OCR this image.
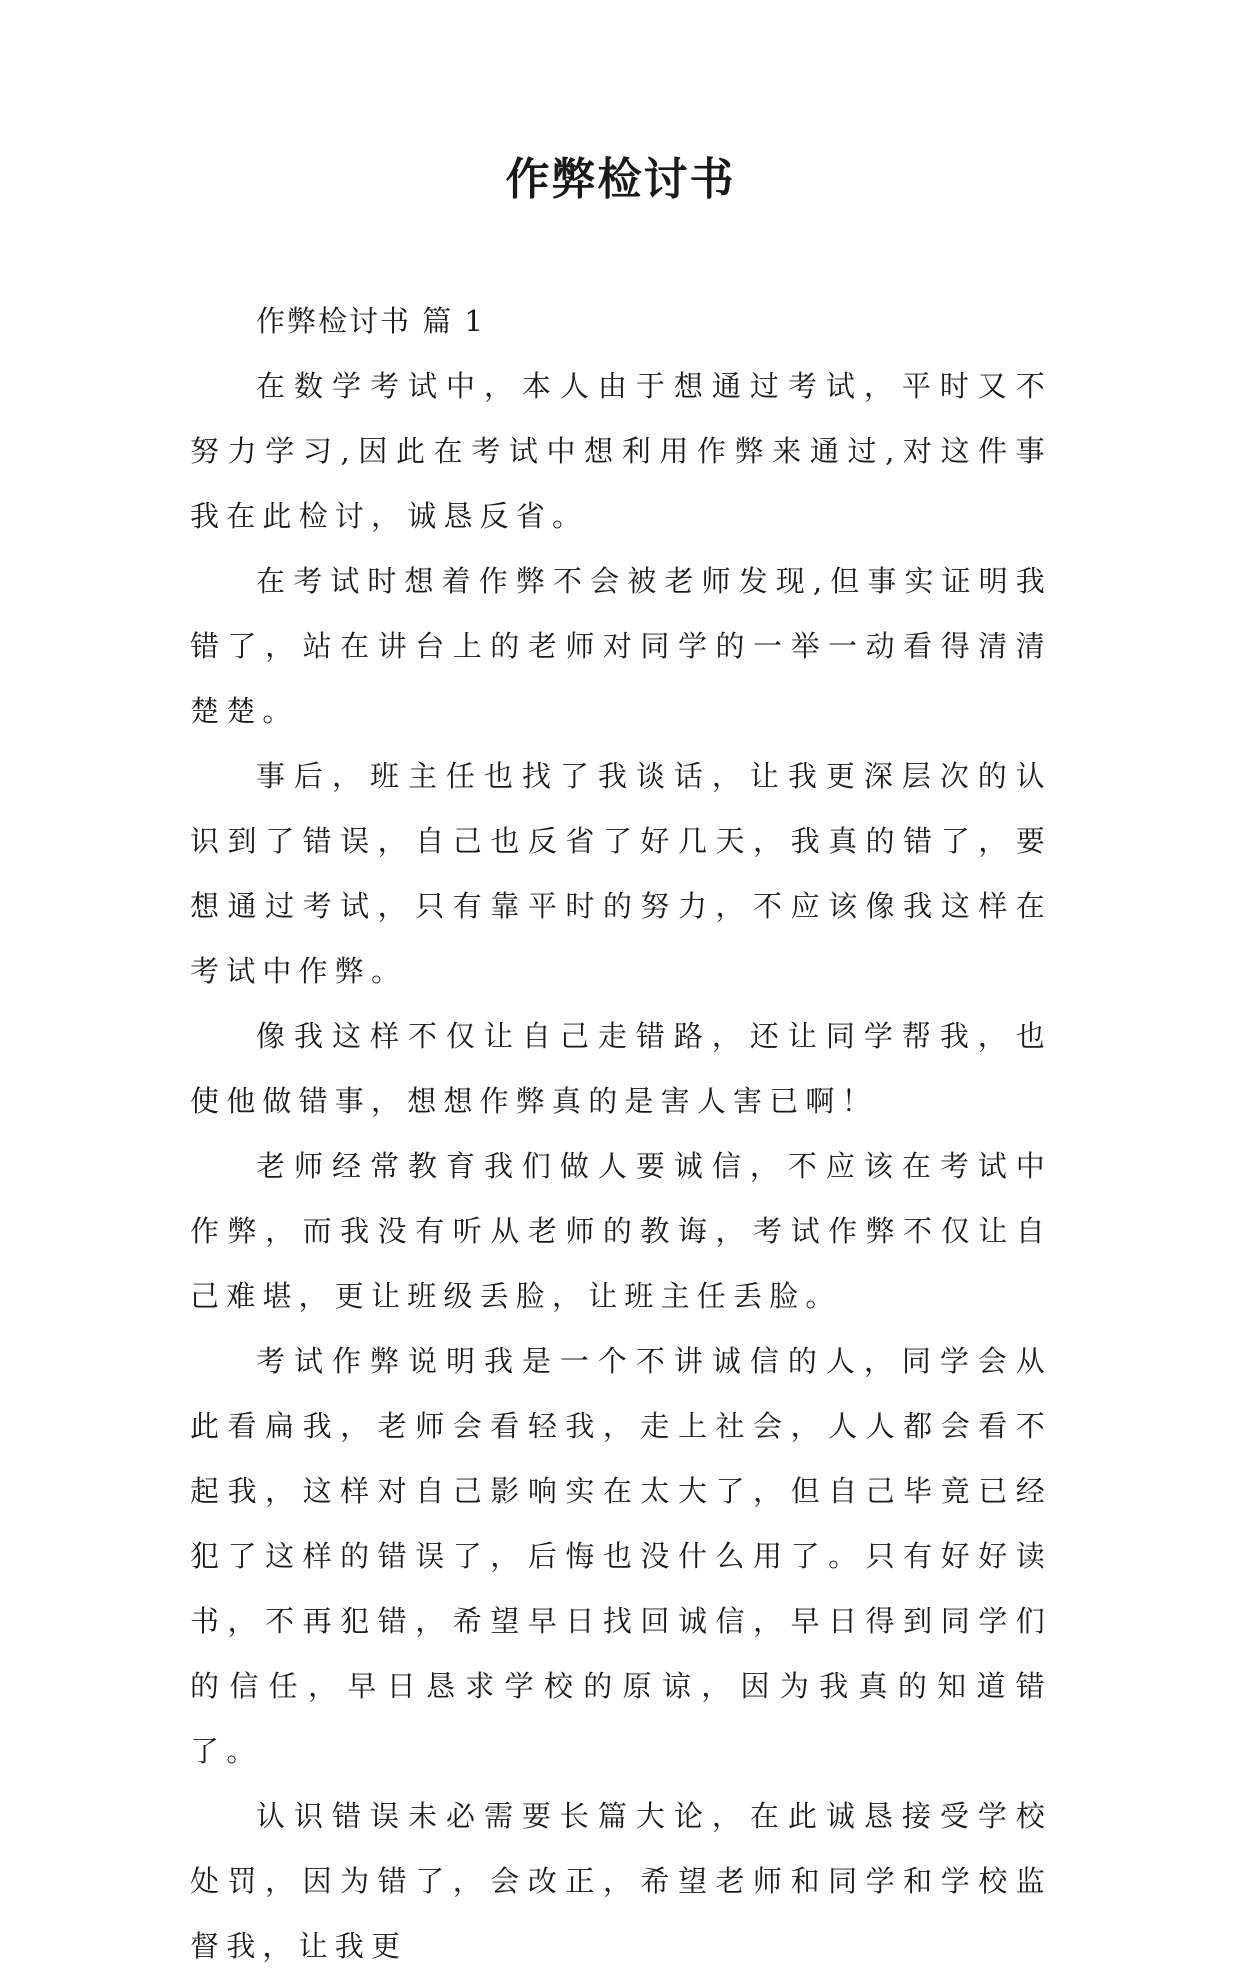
作弊检讨书

作弊检讨书 篇 1

在数学考试中，本人由于想通过考试，平时又不努力学习,因此在考试中想利用作弊来通过,对这件事我在此检讨，诚恳反省。

在考试时想着作弊不会被老师发现,但事实证明我错了，站在讲台上的老师对同学的一举一动看得清清楚楚。

事后，班主任也找了我谈话，让我更深层次的认识到了错误，自己也反省了好几天，我真的错了，要想通过考试，只有靠平时的努力，不应该像我这样在考试中作弊。

像我这样不仅让自己走错路，还让同学帮我，也使他做错事，想想作弊真的是害人害已啊！

老师经常教育我们做人要诚信，不应该在考试中作弊，而我没有听从老师的教诲，考试作弊不仅让自己难堪，更让班级丢脸，让班主任丢脸。

考试作弊说明我是一个不讲诚信的人，同学会从此看扁我，老师会看轻我，走上社会，人人都会看不起我，这样对自己影响实在太大了，但自己毕竟已经犯了这样的错误了，后悔也没什么用了。只有好好读书，不再犯错，希望早日找回诚信，早日得到同学们的信任，早日恳求学校的原谅，因为我真的知道错了。

认识错误未必需要长篇大论，在此诚恳接受学校处罚，因为错了，会改正，希望老师和同学和学校监督我，让我更
